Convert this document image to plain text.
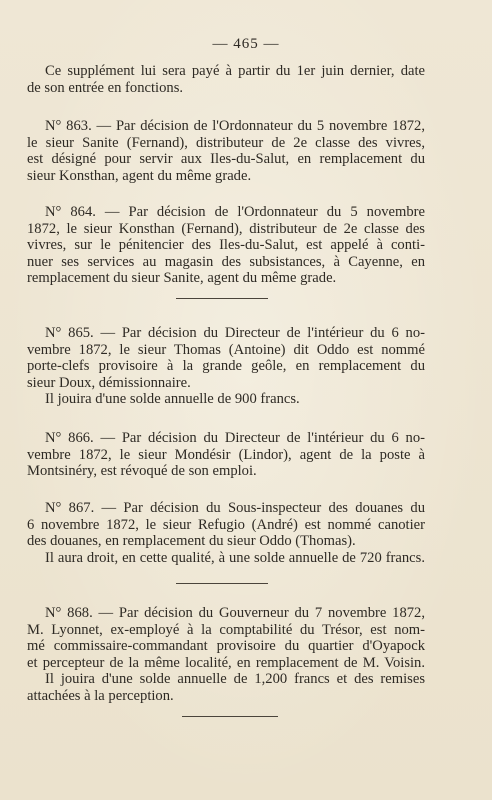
— 465 —
Ce supplément lui sera payé à partir du 1er juin dernier, date
de son entrée en fonctions.
N° 863. — Par décision de l'Ordonnateur du 5 novembre 1872,
le sieur Sanite (Fernand), distributeur de 2e classe des vivres,
est désigné pour servir aux Iles-du-Salut, en remplacement du
sieur Konsthan, agent du même grade.
N° 864. — Par décision de l'Ordonnateur du 5 novembre
1872, le sieur Konsthan (Fernand), distributeur de 2e classe des
vivres, sur le pénitencier des Iles-du-Salut, est appelé à conti-
nuer ses services au magasin des subsistances, à Cayenne, en
remplacement du sieur Sanite, agent du même grade.
N° 865. — Par décision du Directeur de l'intérieur du 6 no-
vembre 1872, le sieur Thomas (Antoine) dit Oddo est nommé
porte-clefs provisoire à la grande geôle, en remplacement du
sieur Doux, démissionnaire.
Il jouira d'une solde annuelle de 900 francs.
N° 866. — Par décision du Directeur de l'intérieur du 6 no-
vembre 1872, le sieur Mondésir (Lindor), agent de la poste à
Montsinéry, est révoqué de son emploi.
N° 867. — Par décision du Sous-inspecteur des douanes du
6 novembre 1872, le sieur Refugio (André) est nommé canotier
des douanes, en remplacement du sieur Oddo (Thomas).
Il aura droit, en cette qualité, à une solde annuelle de 720 francs.
N° 868. — Par décision du Gouverneur du 7 novembre 1872,
M. Lyonnet, ex-employé à la comptabilité du Trésor, est nom-
mé commissaire-commandant provisoire du quartier d'Oyapock
et percepteur de la même localité, en remplacement de M. Voisin.
Il jouira d'une solde annuelle de 1,200 francs et des remises
attachées à la perception.
